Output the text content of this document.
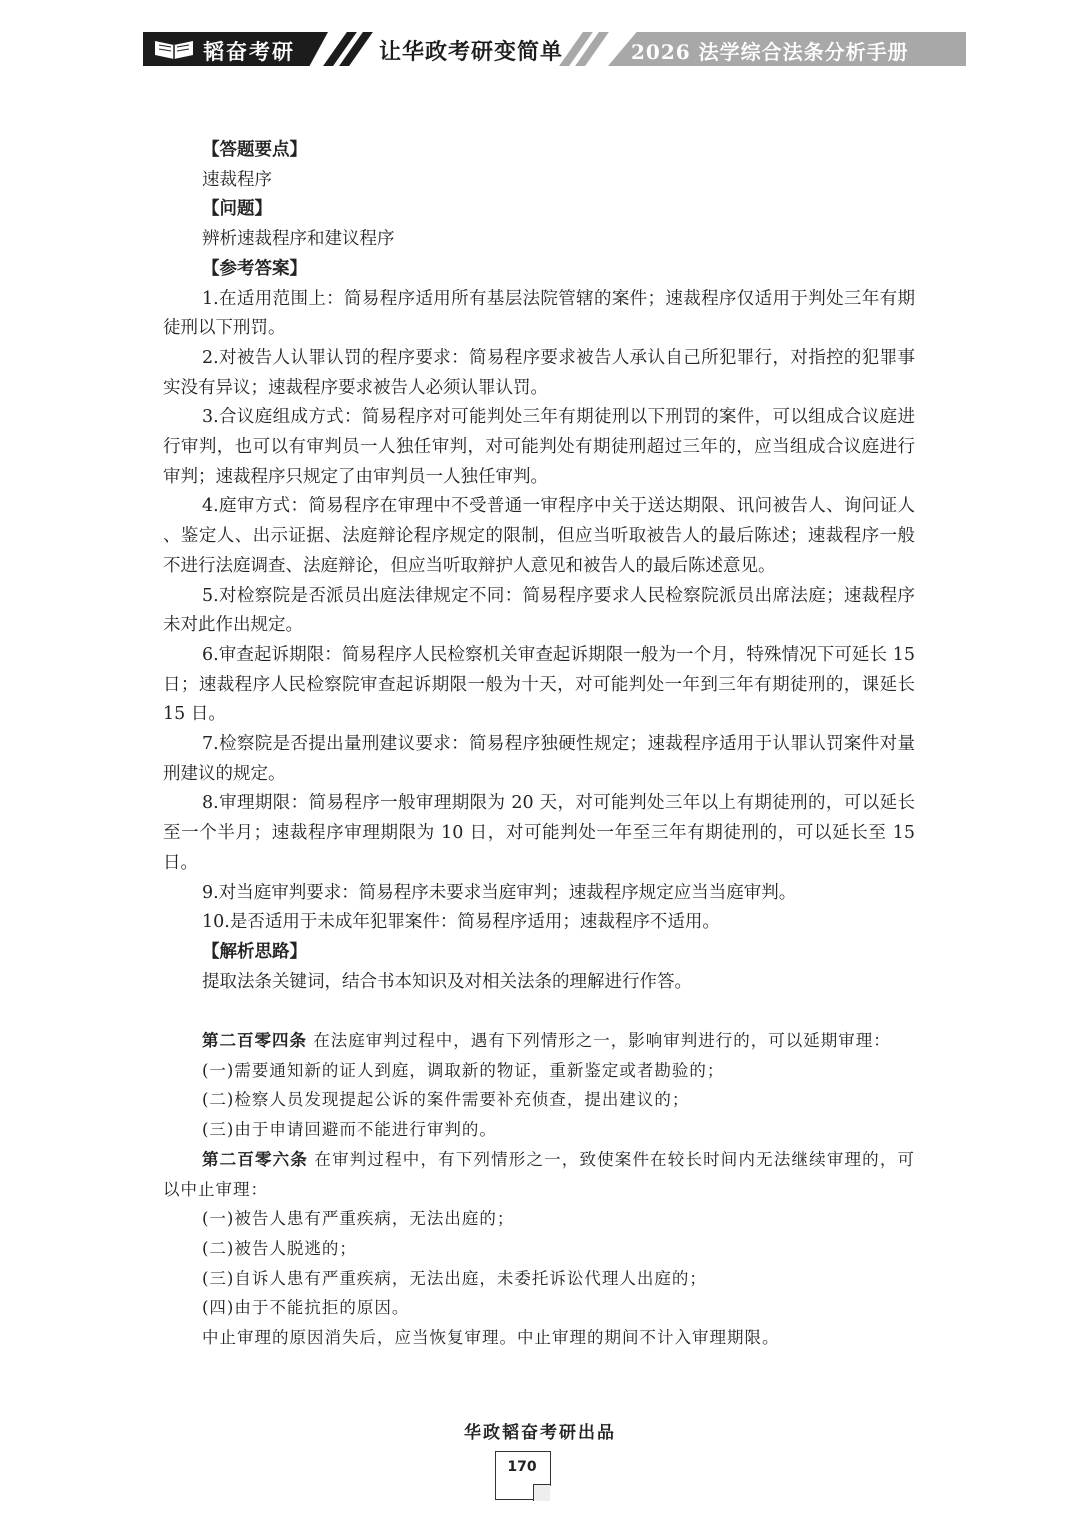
韬奋考研	让华政考研变简单	2026 法学综合法条分析手册

【答题要点】

速裁程序

【问题】

辨析速裁程序和建议程序

【参考答案】

1.在适用范围上：简易程序适用所有基层法院管辖的案件；速裁程序仅适用于判处三年有期徒刑以下刑罚。

2.对被告人认罪认罚的程序要求：简易程序要求被告人承认自己所犯罪行，对指控的犯罪事实没有异议；速裁程序要求被告人必须认罪认罚。

3.合议庭组成方式：简易程序对可能判处三年有期徒刑以下刑罚的案件，可以组成合议庭进行审判，也可以有审判员一人独任审判，对可能判处有期徒刑超过三年的，应当组成合议庭进行审判；速裁程序只规定了由审判员一人独任审判。

4.庭审方式：简易程序在审理中不受普通一审程序中关于送达期限、讯问被告人、询问证人 、鉴定人、出示证据、法庭辩论程序规定的限制，但应当听取被告人的最后陈述；速裁程序一般不进行法庭调查、法庭辩论，但应当听取辩护人意见和被告人的最后陈述意见。

5.对检察院是否派员出庭法律规定不同：简易程序要求人民检察院派员出席法庭；速裁程序未对此作出规定。

6.审查起诉期限：简易程序人民检察机关审查起诉期限一般为一个月，特殊情况下可延长 15 日；速裁程序人民检察院审查起诉期限一般为十天，对可能判处一年到三年有期徒刑的，课延长 15 日。

7.检察院是否提出量刑建议要求：简易程序独硬性规定；速裁程序适用于认罪认罚案件对量刑建议的规定。

8.审理期限：简易程序一般审理期限为 20 天，对可能判处三年以上有期徒刑的，可以延长至一个半月；速裁程序审理期限为 10 日，对可能判处一年至三年有期徒刑的，可以延长至 15 日。

9.对当庭审判要求：简易程序未要求当庭审判；速裁程序规定应当当庭审判。

10.是否适用于未成年犯罪案件：简易程序适用；速裁程序不适用。

【解析思路】

提取法条关键词，结合书本知识及对相关法条的理解进行作答。

第二百零四条 在法庭审判过程中，遇有下列情形之一，影响审判进行的，可以延期审理：

(一)需要通知新的证人到庭，调取新的物证，重新鉴定或者勘验的；

(二)检察人员发现提起公诉的案件需要补充侦查，提出建议的；

(三)由于申请回避而不能进行审判的。

第二百零六条 在审判过程中，有下列情形之一，致使案件在较长时间内无法继续审理的，可以中止审理：

(一)被告人患有严重疾病，无法出庭的；

(二)被告人脱逃的；

(三)自诉人患有严重疾病，无法出庭，未委托诉讼代理人出庭的；

(四)由于不能抗拒的原因。

中止审理的原因消失后，应当恢复审理。中止审理的期间不计入审理期限。

华政韬奋考研出品
170
